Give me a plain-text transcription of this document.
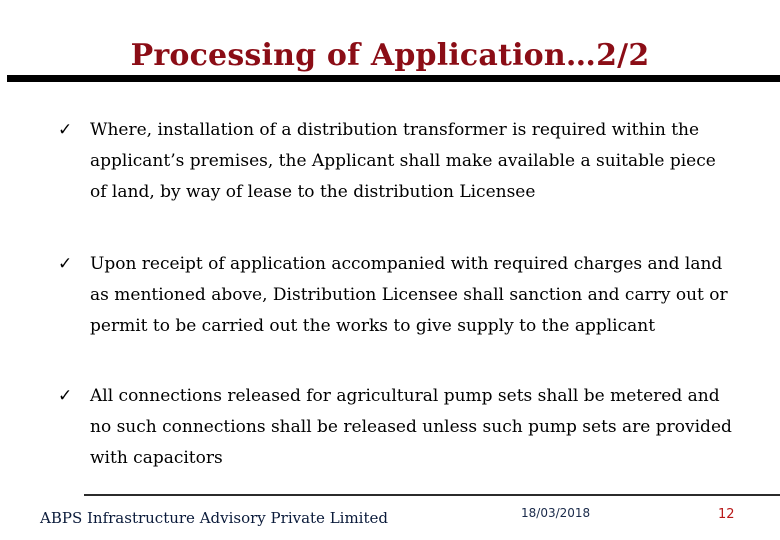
Processing of Application…2/2
✓	Where, installation of a distribution transformer is required within the
applicant’s premises, the Applicant shall make available a suitable piece
of land, by way of lease to the distribution Licensee
✓	Upon receipt of application accompanied with required charges and land
as mentioned above, Distribution Licensee shall sanction and carry out or
permit to be carried out the works to give supply to the applicant
✓	All connections released for agricultural pump sets shall be metered and
no such connections shall be released unless such pump sets are provided
with capacitors
ABPS Infrastructure Advisory Private Limited	18/03/2018	12
